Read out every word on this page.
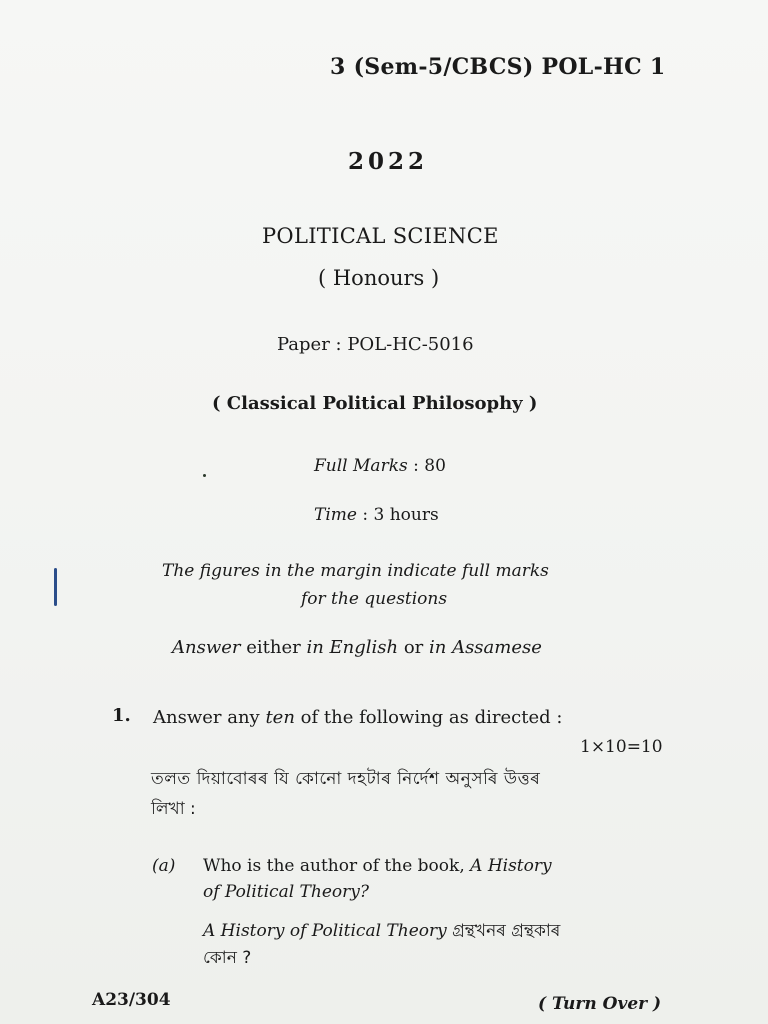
3 (Sem-5/CBCS) POL-HC 1
2022
POLITICAL SCIENCE
( Honours )
Paper : POL-HC-5016
( Classical Political Philosophy )
Full Marks : 80
Time : 3 hours
The figures in the margin indicate full marks
for the questions
Answer either in English or in Assamese
1. Answer any ten of the following as directed :
1×10=10
তলত দিয়াবোৰৰ যি কোনো দহটাৰ নির্দেশ অনুসৰি উত্তৰ
লিখা :
(a) Who is the author of the book, A History
of Political Theory?
A History of Political Theory গ্ৰন্থখনৰ গ্ৰন্থকাৰ
কোন ?
A23/304	( Turn Over )
